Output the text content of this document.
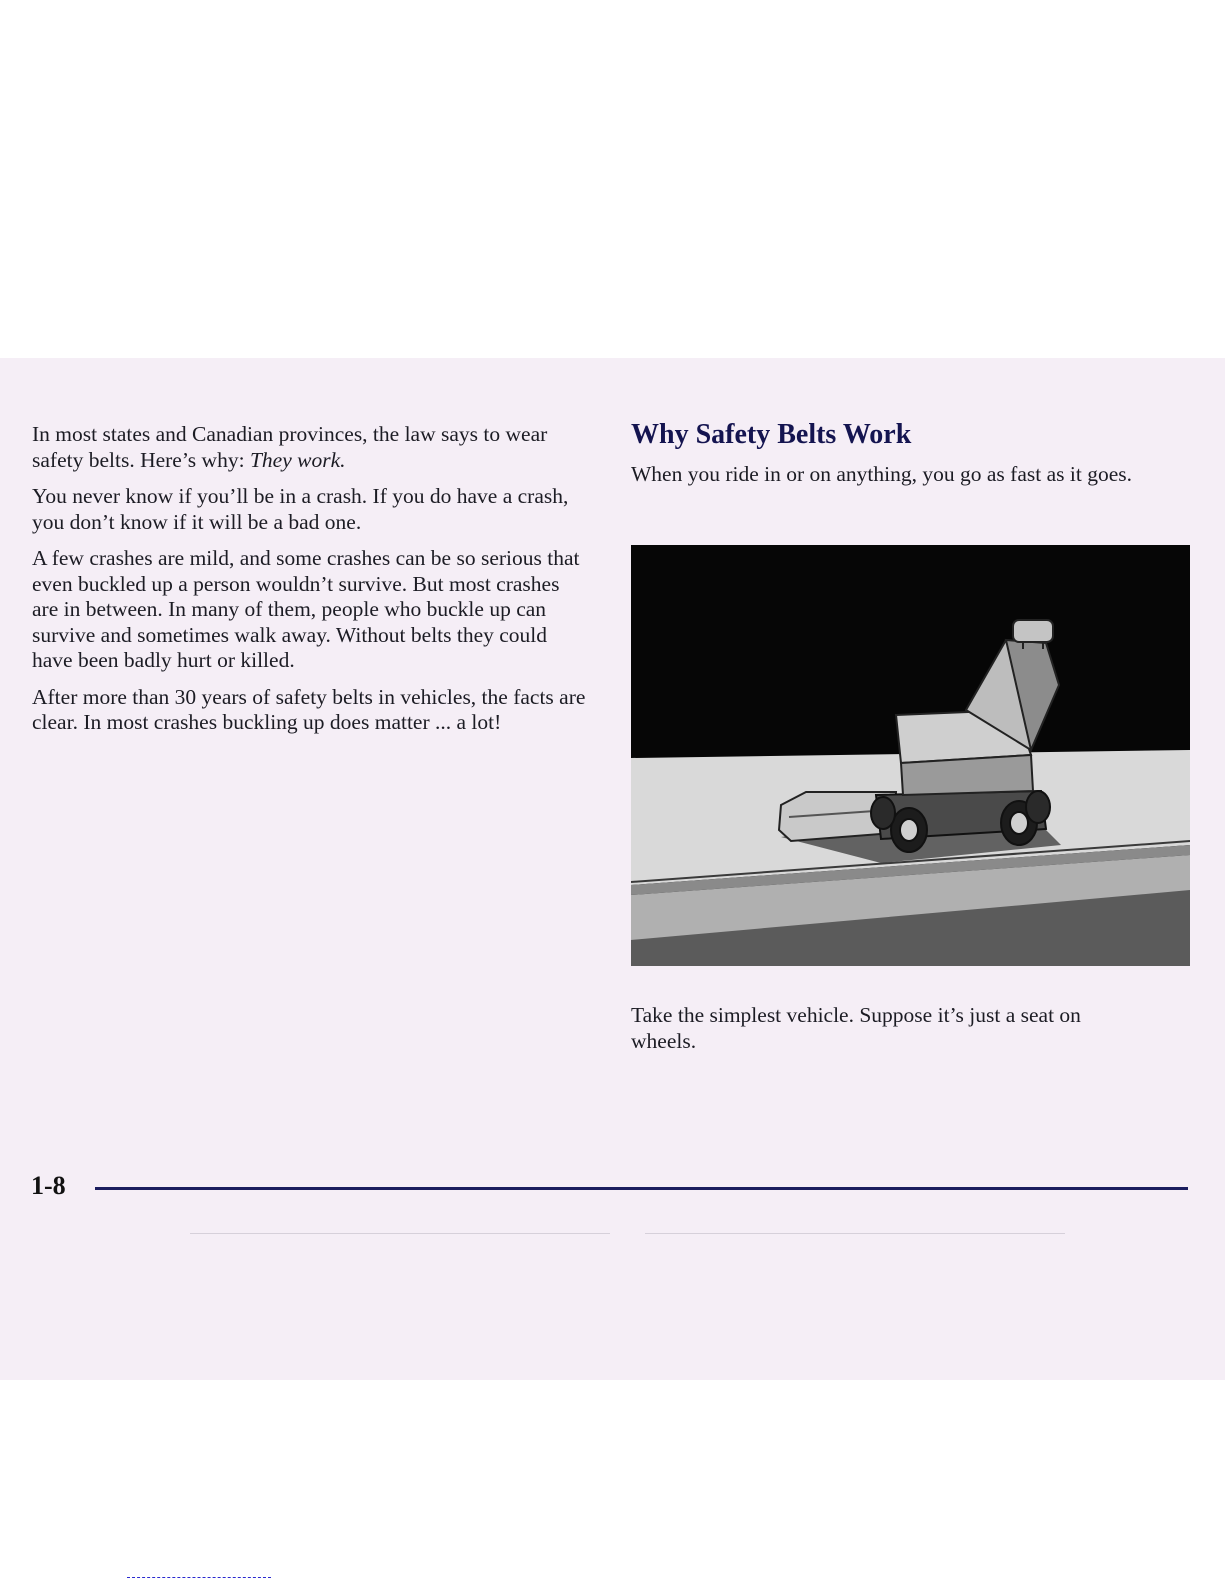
In most states and Canadian provinces, the law says to wear safety belts. Here’s why: They work.

You never know if you’ll be in a crash. If you do have a crash, you don’t know if it will be a bad one.

A few crashes are mild, and some crashes can be so serious that even buckled up a person wouldn’t survive. But most crashes are in between. In many of them, people who buckle up can survive and sometimes walk away. Without belts they could have been badly hurt or killed.

After more than 30 years of safety belts in vehicles, the facts are clear. In most crashes buckling up does matter ... a lot!

Why Safety Belts Work

When you ride in or on anything, you go as fast as it goes.

Take the simplest vehicle. Suppose it’s just a seat on wheels.

1-8
